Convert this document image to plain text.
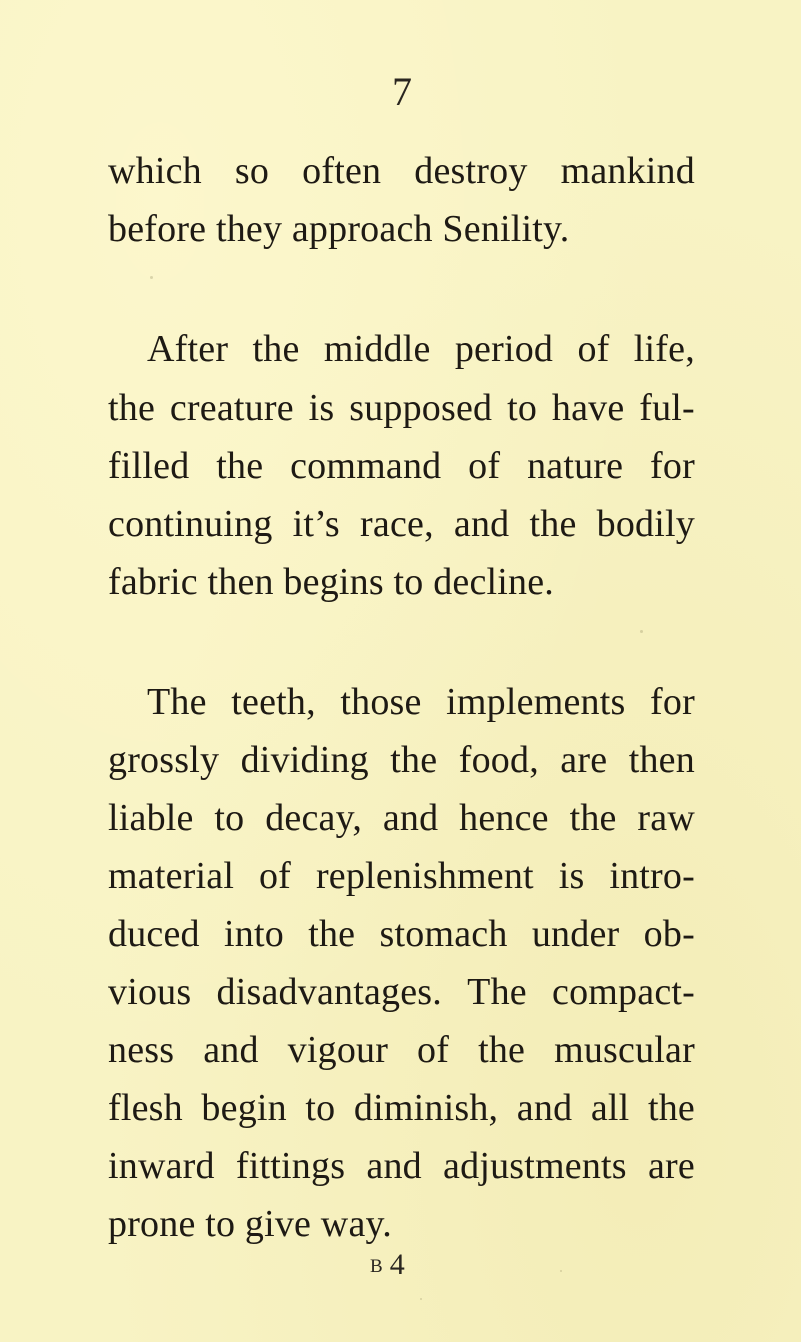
7
which so often destroy mankind
before they approach Senility.
After the middle period of life,
the creature is supposed to have ful-
filled the command of nature for
continuing it’s race, and the bodily
fabric then begins to decline.
The teeth, those implements for
grossly dividing the food, are then
liable to decay, and hence the raw
material of replenishment is intro-
duced into the stomach under ob-
vious disadvantages. The compact-
ness and vigour of the muscular
flesh begin to diminish, and all the
inward fittings and adjustments are
prone to give way.
B 4
